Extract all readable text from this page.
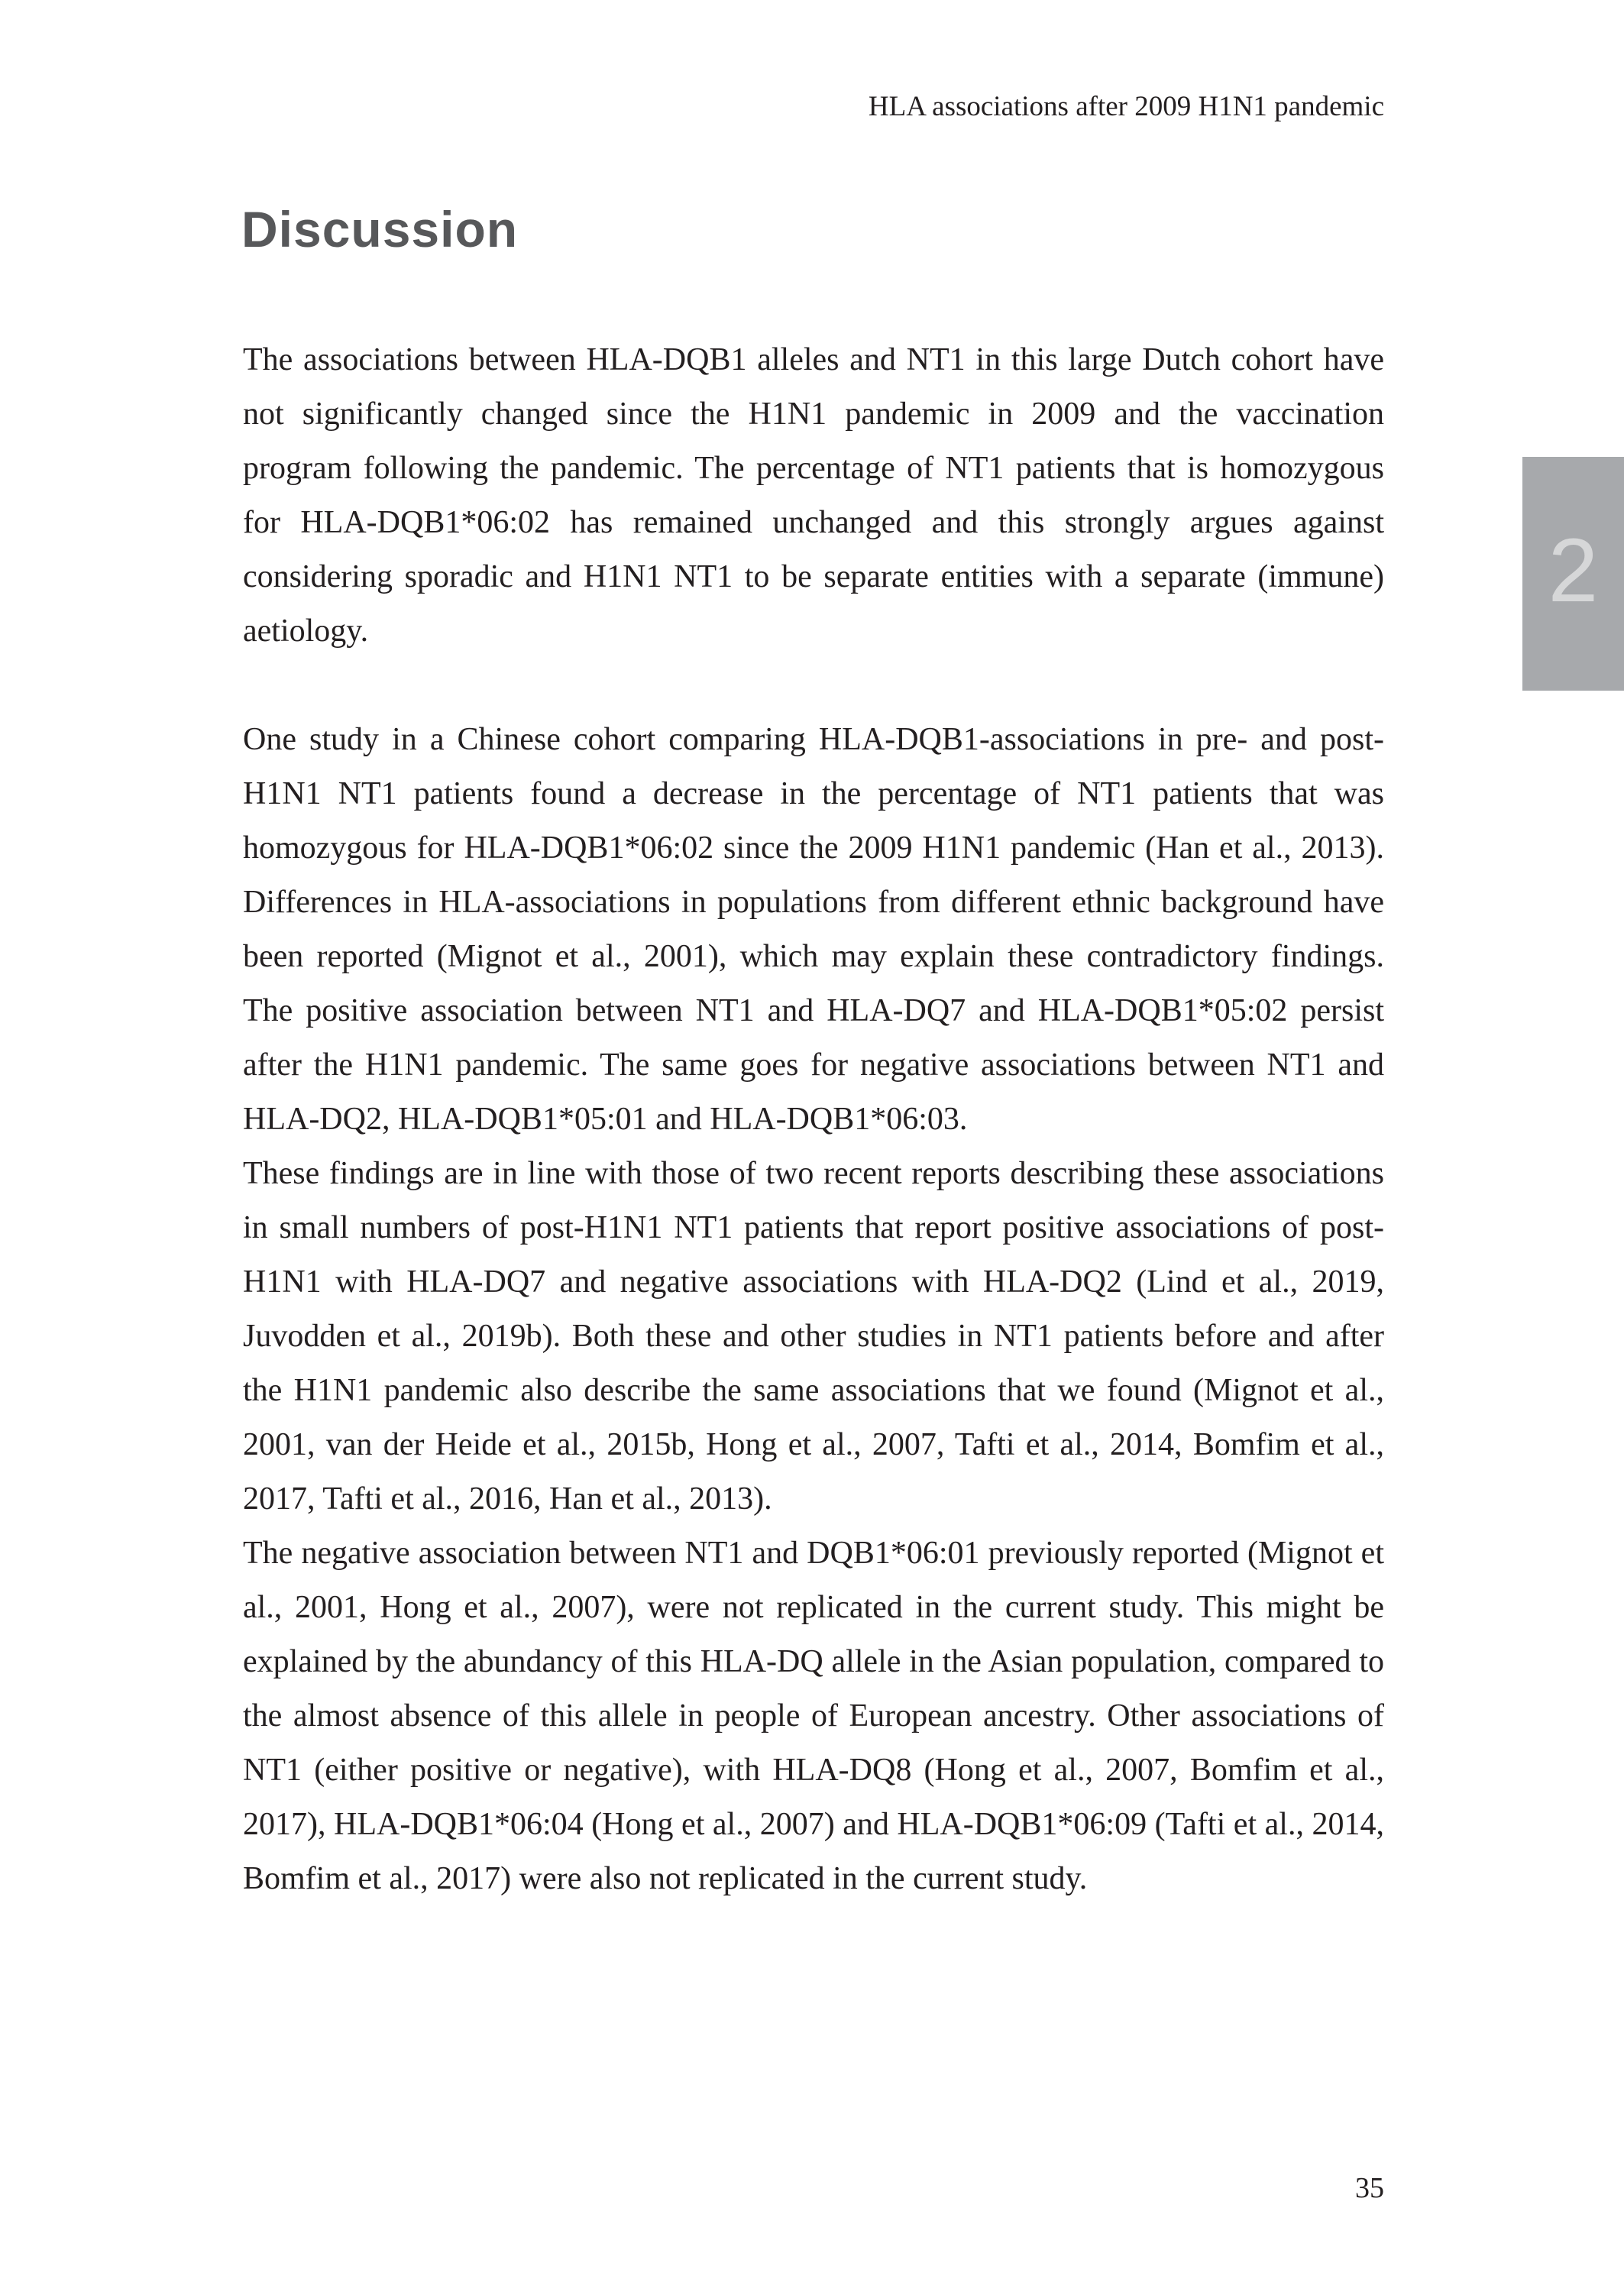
HLA associations after 2009 H1N1 pandemic
Discussion

The associations between HLA-DQB1 alleles and NT1 in this large Dutch cohort have not significantly changed since the H1N1 pandemic in 2009 and the vaccination program following the pandemic. The percentage of NT1 patients that is homozygous for HLA-DQB1*06:02 has remained unchanged and this strongly argues against considering sporadic and H1N1 NT1 to be separate entities with a separate (immune) aetiology.

One study in a Chinese cohort comparing HLA-DQB1-associations in pre- and post-H1N1 NT1 patients found a decrease in the percentage of NT1 patients that was homozygous for HLA-DQB1*06:02 since the 2009 H1N1 pandemic (Han et al., 2013). Differences in HLA-associations in populations from different ethnic background have been reported (Mignot et al., 2001), which may explain these contradictory findings. The positive association between NT1 and HLA-DQ7 and HLA-DQB1*05:02 persist after the H1N1 pandemic. The same goes for negative associations between NT1 and HLA-DQ2, HLA-DQB1*05:01 and HLA-DQB1*06:03.

These findings are in line with those of two recent reports describing these associations in small numbers of post-H1N1 NT1 patients that report positive associations of post-H1N1 with HLA-DQ7 and negative associations with HLA-DQ2 (Lind et al., 2019, Juvodden et al., 2019b). Both these and other studies in NT1 patients before and after the H1N1 pandemic also describe the same associations that we found (Mignot et al., 2001, van der Heide et al., 2015b, Hong et al., 2007, Tafti et al., 2014, Bomfim et al., 2017, Tafti et al., 2016, Han et al., 2013).

The negative association between NT1 and DQB1*06:01 previously reported (Mignot et al., 2001, Hong et al., 2007), were not replicated in the current study. This might be explained by the abundancy of this HLA-DQ allele in the Asian population, compared to the almost absence of this allele in people of European ancestry. Other associations of NT1 (either positive or negative), with HLA-DQ8 (Hong et al., 2007, Bomfim et al., 2017), HLA-DQB1*06:04 (Hong et al., 2007) and HLA-DQB1*06:09 (Tafti et al., 2014, Bomfim et al., 2017) were also not replicated in the current study.

2
35
